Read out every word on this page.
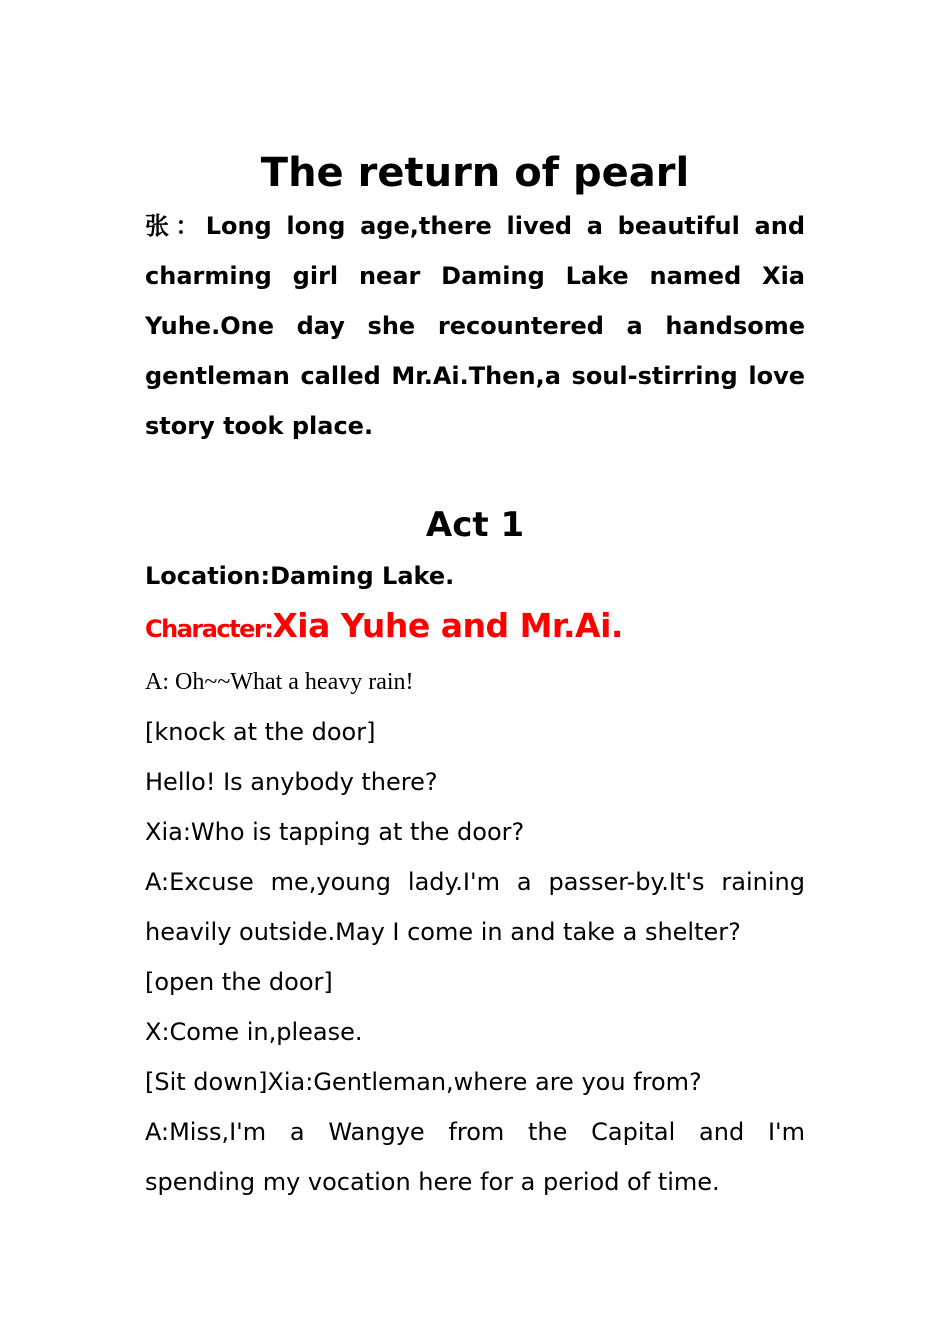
The return of pearl

张：Long long age,there lived a beautiful and charming girl near Daming Lake named Xia Yuhe.One day she recountered a handsome gentleman called Mr.Ai.Then,a soul-stirring love story took place.

Act 1

Location:Daming Lake.

Character:Xia Yuhe and Mr.Ai.

A: Oh~~What a heavy rain!

[knock at the door]

Hello! Is anybody there?

Xia:Who is tapping at the door?

A:Excuse me,young lady.I'm a passer-by.It's raining heavily outside.May I come in and take a shelter?

[open the door]

X:Come in,please.

[Sit down]Xia:Gentleman,where are you from?

A:Miss,I'm a Wangye from the Capital and I'm spending my vocation here for a period of time.
